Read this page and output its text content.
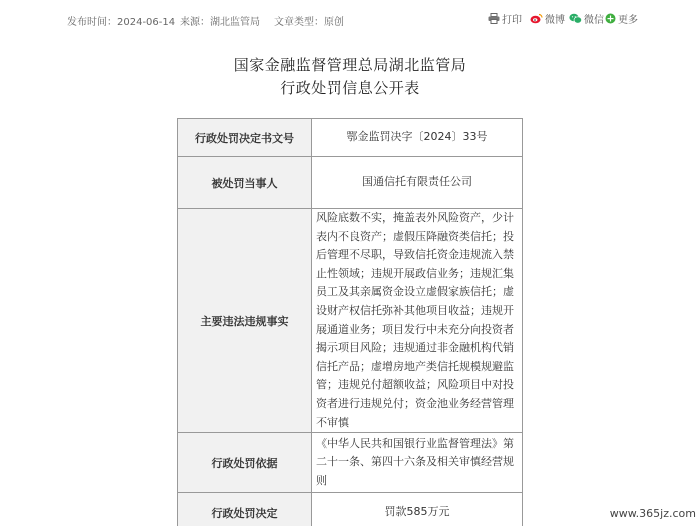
发布时间：2024-06-14 来源：湖北监管局 文章类型：原创	打印 微博 微信 更多
国家金融监督管理总局湖北监管局
行政处罚信息公开表
行政处罚决定书文号	鄂金监罚决字〔2024〕33号
被处罚当事人	国通信托有限责任公司
主要违法违规事实	风险底数不实，掩盖表外风险资产，少计表内不良资产；虚假压降融资类信托；投后管理不尽职，导致信托资金违规流入禁止性领域；违规开展政信业务；违规汇集员工及其亲属资金设立虚假家族信托；虚设财产权信托弥补其他项目收益；违规开展通道业务；项目发行中未充分向投资者揭示项目风险；违规通过非金融机构代销信托产品；虚增房地产类信托规模规避监管；违规兑付超额收益；风险项目中对投资者进行违规兑付；资金池业务经营管理不审慎
行政处罚依据	《中华人民共和国银行业监督管理法》第二十一条、第四十六条及相关审慎经营规则
行政处罚决定	罚款585万元	www.365jz.com
